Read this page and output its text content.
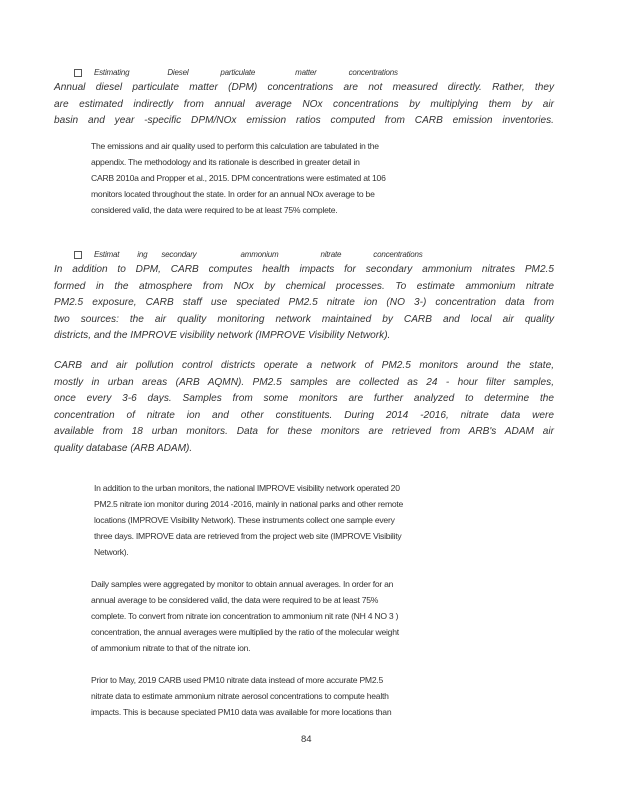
Estimating	Diesel	particulate	matter	concentrations
Annual diesel particulate matter (DPM) concentrations are not measured directly. Rather, they
are estimated indirectly from annual average NOx concentrations by multiplying them by air
basin and year -specific DPM/NOx emission ratios computed from CARB emission inventories.
The emissions and air quality used to perform this calculation are tabulated in the
appendix. The methodology and its rationale is described in greater detail in
CARB 2010a and Propper et al., 2015. DPM concentrations were estimated at 106
monitors located throughout the state. In order for an annual NOx average to be
considered valid, the data were required to be at least 75% complete.
Estimat ing secondary	ammonium	nitrate	concentrations
In addition to DPM, CARB computes health impacts for secondary ammonium nitrates PM2.5
formed in the atmosphere from NOx by chemical processes. To estimate ammonium nitrate
PM2.5 exposure, CARB staff use speciated PM2.5 nitrate ion (NO 3-) concentration data from
two sources: the air quality monitoring network maintained by CARB and local air quality
districts, and the IMPROVE visibility network (IMPROVE Visibility Network).
CARB and air pollution control districts operate a network of PM2.5 monitors around the state,
mostly in urban areas (ARB AQMN). PM2.5 samples are collected as 24 - hour filter samples,
once every 3-6 days. Samples from some monitors are further analyzed to determine the
concentration of nitrate ion and other constituents. During 2014 -2016, nitrate data were
available from 18 urban monitors. Data for these monitors are retrieved from ARB's ADAM air
quality database (ARB ADAM).
In addition to the urban monitors, the national IMPROVE visibility network operated 20
PM2.5 nitrate ion monitor during 2014 -2016, mainly in national parks and other remote
locations (IMPROVE Visibility Network). These instruments collect one sample every
three days. IMPROVE data are retrieved from the project web site (IMPROVE Visibility
Network).
Daily samples were aggregated by monitor to obtain annual averages. In order for an
annual average to be considered valid, the data were required to be at least 75%
complete. To convert from nitrate ion concentration to ammonium nit rate (NH 4 NO 3 )
concentration, the annual averages were multiplied by the ratio of the molecular weight
of ammonium nitrate to that of the nitrate ion.
Prior to May, 2019 CARB used PM10 nitrate data instead of more accurate PM2.5
nitrate data to estimate ammonium nitrate aerosol concentrations to compute health
impacts. This is because speciated PM10 data was available for more locations than
84
